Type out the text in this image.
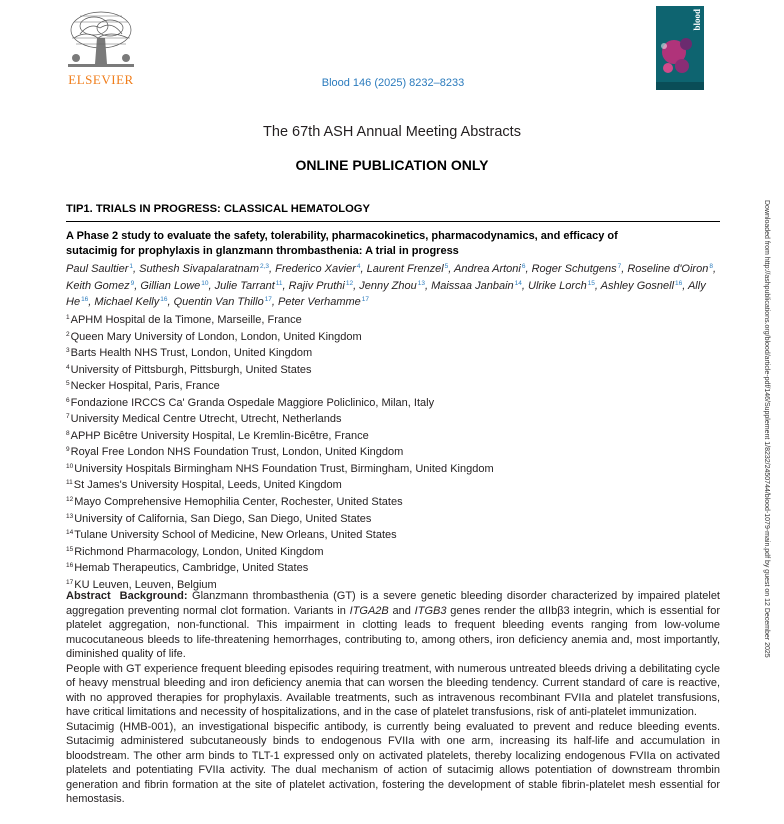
ELSEVIER	Blood 146 (2025) 8232–8233
blood
The 67th ASH Annual Meeting Abstracts
ONLINE PUBLICATION ONLY
TIP1. TRIALS IN PROGRESS: CLASSICAL HEMATOLOGY
A Phase 2 study to evaluate the safety, tolerability, pharmacokinetics, pharmacodynamics, and efficacy of sutacimig for prophylaxis in glanzmann thrombasthenia: A trial in progress
Paul Saultier$^1$, Suthesh Sivapalaratnam$^{2,3}$, Frederico Xavier$^4$, Laurent Frenzel$^5$, Andrea Artoni$^6$, Roger Schutgens$^7$, Roseline d'Oiron$^8$, Keith Gomez$^9$, Gillian Lowe$^{10}$, Julie Tarrant$^{11}$, Rajiv Pruthi$^{12}$, Jenny Zhou$^{13}$, Maissaa Janbain$^{14}$, Ulrike Lorch$^{15}$, Ashley Gosnell$^{16}$, Ally He$^{16}$, Michael Kelly$^{16}$, Quentin Van Thillo$^{17}$, Peter Verhamme$^{17}$
$^1$APHM Hospital de la Timone, Marseille, France
$^2$Queen Mary University of London, London, United Kingdom
$^3$Barts Health NHS Trust, London, United Kingdom
$^4$University of Pittsburgh, Pittsburgh, United States
$^5$Necker Hospital, Paris, France
$^6$Fondazione IRCCS Ca' Granda Ospedale Maggiore Policlinico, Milan, Italy
$^7$University Medical Centre Utrecht, Utrecht, Netherlands
$^8$APHP Bicêtre University Hospital, Le Kremlin-Bicêtre, France
$^9$Royal Free London NHS Foundation Trust, London, United Kingdom
$^{10}$University Hospitals Birmingham NHS Foundation Trust, Birmingham, United Kingdom
$^{11}$St James's University Hospital, Leeds, United Kingdom
$^{12}$Mayo Comprehensive Hemophilia Center, Rochester, United States
$^{13}$University of California, San Diego, San Diego, United States
$^{14}$Tulane University School of Medicine, New Orleans, United States
$^{15}$Richmond Pharmacology, London, United Kingdom
$^{16}$Hemab Therapeutics, Cambridge, United States
$^{17}$KU Leuven, Leuven, Belgium

Abstract Background: Glanzmann thrombasthenia (GT) is a severe genetic bleeding disorder characterized by impaired platelet aggregation preventing normal clot formation. Variants in ITGA2B and ITGB3 genes render the αIIbβ3 integrin, which is essential for platelet aggregation, non-functional. This impairment in clotting leads to frequent bleeding events ranging from low-volume mucocutaneous bleeds to life-threatening hemorrhages, contributing to, among others, iron deficiency anemia and, most importantly, diminished quality of life.

People with GT experience frequent bleeding episodes requiring treatment, with numerous untreated bleeds driving a debilitating cycle of heavy menstrual bleeding and iron deficiency anemia that can worsen the bleeding tendency. Current standard of care is reactive, with no approved therapies for prophylaxis. Available treatments, such as intravenous recombinant FVIIa and platelet transfusions, have critical limitations and necessity of hospitalizations, and in the case of platelet transfusions, risk of anti-platelet immunization.

Sutacimig (HMB-001), an investigational bispecific antibody, is currently being evaluated to prevent and reduce bleeding events. Sutacimig administered subcutaneously binds to endogenous FVIIa with one arm, increasing its half-life and accumulation in bloodstream. The other arm binds to TLT-1 expressed only on activated platelets, thereby localizing endogenous FVIIa on activated platelets and potentiating FVIIa activity. The dual mechanism of action of sutacimig allows potentiation of downstream thrombin generation and fibrin formation at the site of platelet activation, fostering the development of stable fibrin-platelet mesh essential for hemostasis.

Downloaded from http://ashpublications.org/blood/article-pdf/146/Supplement 1/8232/2450744/blood-1079-main.pdf by guest on 12 December 2025
